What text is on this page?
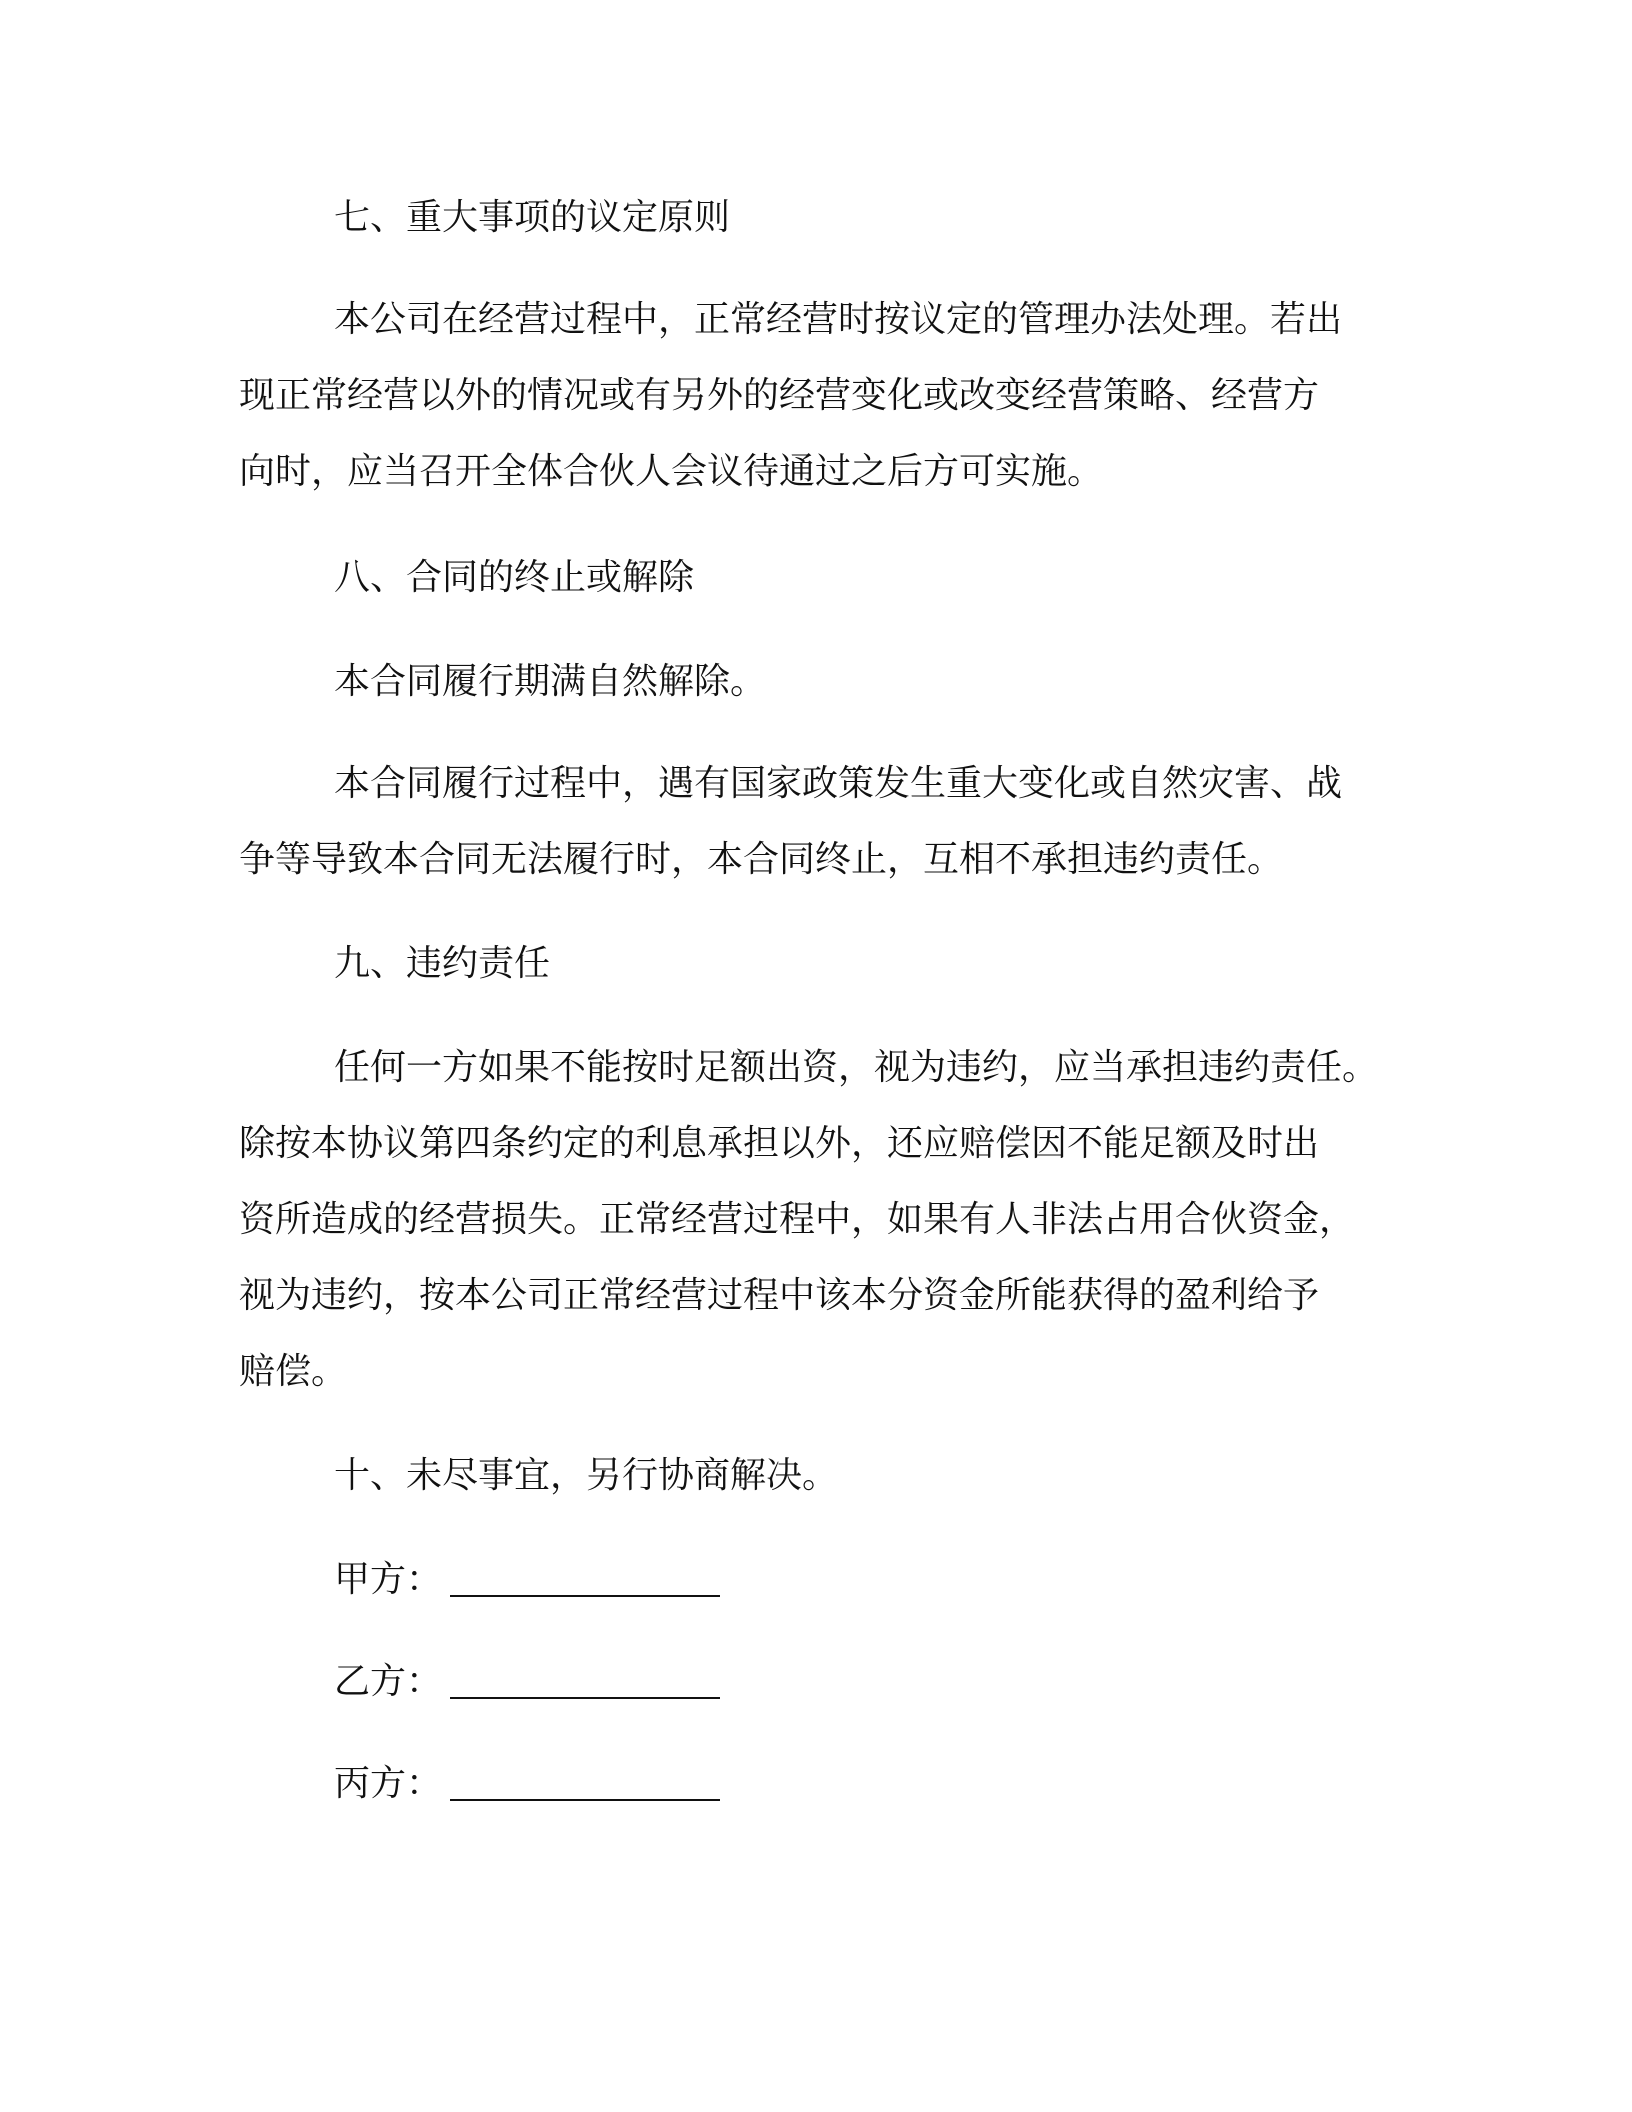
七、重大事项的议定原则
本公司在经营过程中，正常经营时按议定的管理办法处理。若出
现正常经营以外的情况或有另外的经营变化或改变经营策略、经营方
向时，应当召开全体合伙人会议待通过之后方可实施。
八、合同的终止或解除
本合同履行期满自然解除。
本合同履行过程中，遇有国家政策发生重大变化或自然灾害、战
争等导致本合同无法履行时，本合同终止，互相不承担违约责任。
九、违约责任
任何一方如果不能按时足额出资，视为违约，应当承担违约责任。
除按本协议第四条约定的利息承担以外，还应赔偿因不能足额及时出
资所造成的经营损失。正常经营过程中，如果有人非法占用合伙资金，
视为违约，按本公司正常经营过程中该本分资金所能获得的盈利给予
赔偿。
十、未尽事宜，另行协商解决。
甲方：
乙方：
丙方：
